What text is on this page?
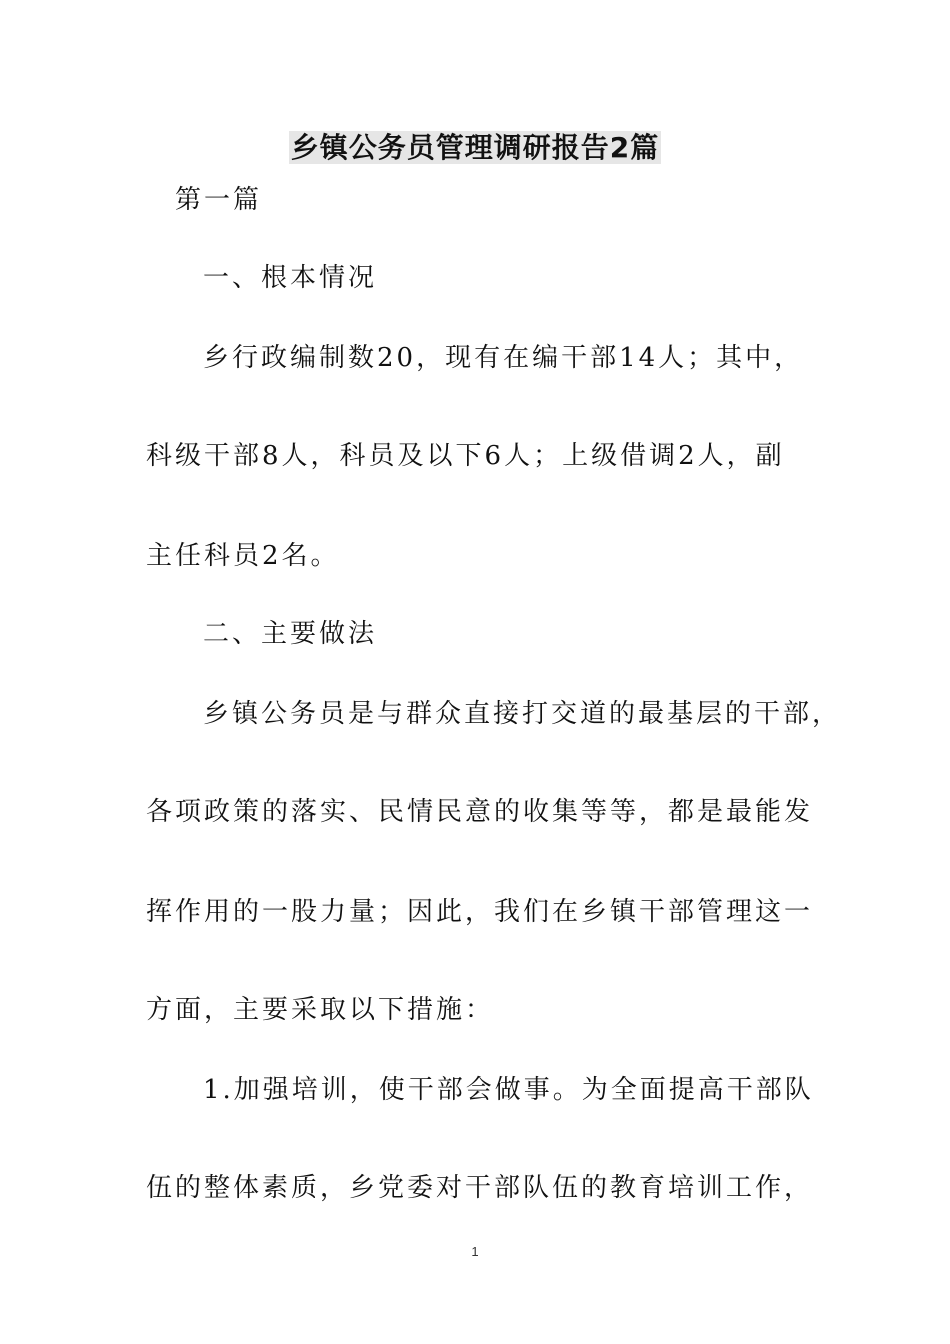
乡镇公务员管理调研报告2篇
第一篇
一、根本情况
乡行政编制数20，现有在编干部14人；其中，
科级干部8人，科员及以下6人；上级借调2人，副
主任科员2名。
二、主要做法
乡镇公务员是与群众直接打交道的最基层的干部，
各项政策的落实、民情民意的收集等等，都是最能发
挥作用的一股力量；因此，我们在乡镇干部管理这一
方面，主要采取以下措施：
1.加强培训，使干部会做事。为全面提高干部队
伍的整体素质，乡党委对干部队伍的教育培训工作，
1
